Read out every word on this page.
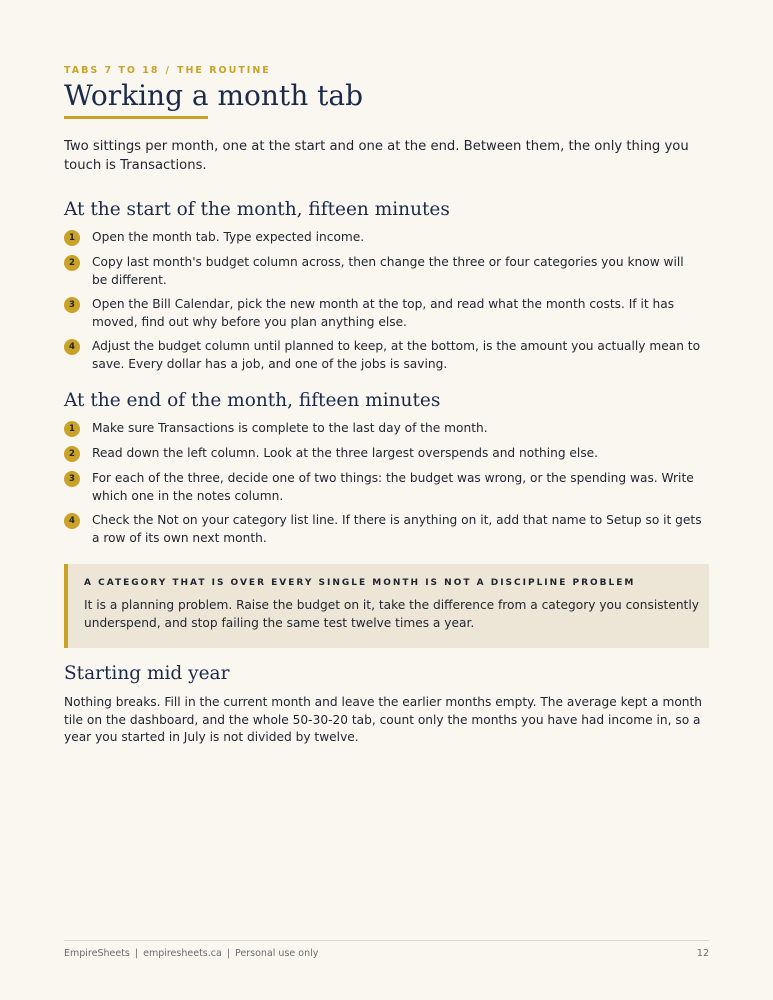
TABS 7 TO 18 / THE ROUTINE
Working a month tab

Two sittings per month, one at the start and one at the end. Between them, the only thing you touch is Transactions.

At the start of the month, fifteen minutes
1	Open the month tab. Type expected income.
2	Copy last month's budget column across, then change the three or four categories you know will be different.
3	Open the Bill Calendar, pick the new month at the top, and read what the month costs. If it has moved, find out why before you plan anything else.
4	Adjust the budget column until planned to keep, at the bottom, is the amount you actually mean to save. Every dollar has a job, and one of the jobs is saving.
At the end of the month, fifteen minutes
1	Make sure Transactions is complete to the last day of the month.
2	Read down the left column. Look at the three largest overspends and nothing else.
3	For each of the three, decide one of two things: the budget was wrong, or the spending was. Write which one in the notes column.
4	Check the Not on your category list line. If there is anything on it, add that name to Setup so it gets a row of its own next month.
A CATEGORY THAT IS OVER EVERY SINGLE MONTH IS NOT A DISCIPLINE PROBLEM
It is a planning problem. Raise the budget on it, take the difference from a category you consistently underspend, and stop failing the same test twelve times a year.
Starting mid year

Nothing breaks. Fill in the current month and leave the earlier months empty. The average kept a month tile on the dashboard, and the whole 50-30-20 tab, count only the months you have had income in, so a year you started in July is not divided by twelve.

EmpireSheets | empiresheets.ca | Personal use only	12
